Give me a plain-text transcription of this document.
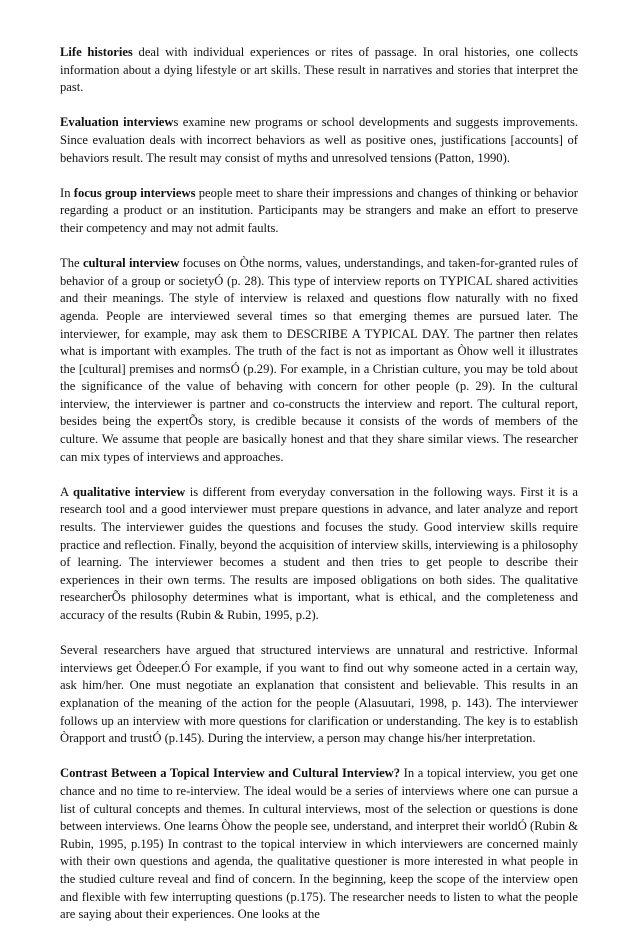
Life histories deal with individual experiences or rites of passage. In oral histories, one collects information about a dying lifestyle or art skills. These result in narratives and stories that interpret the past.

Evaluation interviews examine new programs or school developments and suggests improvements. Since evaluation deals with incorrect behaviors as well as positive ones, justifications [accounts] of behaviors result. The result may consist of myths and unresolved tensions (Patton, 1990).

In focus group interviews people meet to share their impressions and changes of thinking or behavior regarding a product or an institution. Participants may be strangers and make an effort to preserve their competency and may not admit faults.

The cultural interview focuses on Òthe norms, values, understandings, and taken-for-granted rules of behavior of a group or societyÓ (p. 28). This type of interview reports on TYPICAL shared activities and their meanings. The style of interview is relaxed and questions flow naturally with no fixed agenda. People are interviewed several times so that emerging themes are pursued later. The interviewer, for example, may ask them to DESCRIBE A TYPICAL DAY. The partner then relates what is important with examples. The truth of the fact is not as important as Òhow well it illustrates the [cultural] premises and normsÓ (p.29). For example, in a Christian culture, you may be told about the significance of the value of behaving with concern for other people (p. 29). In the cultural interview, the interviewer is partner and co-constructs the interview and report. The cultural report, besides being the expertÕs story, is credible because it consists of the words of members of the culture. We assume that people are basically honest and that they share similar views. The researcher can mix types of interviews and approaches.

A qualitative interview is different from everyday conversation in the following ways. First it is a research tool and a good interviewer must prepare questions in advance, and later analyze and report results. The interviewer guides the questions and focuses the study. Good interview skills require practice and reflection. Finally, beyond the acquisition of interview skills, interviewing is a philosophy of learning. The interviewer becomes a student and then tries to get people to describe their experiences in their own terms. The results are imposed obligations on both sides. The qualitative researcherÕs philosophy determines what is important, what is ethical, and the completeness and accuracy of the results (Rubin & Rubin, 1995, p.2).

Several researchers have argued that structured interviews are unnatural and restrictive. Informal interviews get Òdeeper.Ó For example, if you want to find out why someone acted in a certain way, ask him/her. One must negotiate an explanation that consistent and believable. This results in an explanation of the meaning of the action for the people (Alasuutari, 1998, p. 143). The interviewer follows up an interview with more questions for clarification or understanding. The key is to establish Òrapport and trustÓ (p.145). During the interview, a person may change his/her interpretation.

Contrast Between a Topical Interview and Cultural Interview? In a topical interview, you get one chance and no time to re-interview. The ideal would be a series of interviews where one can pursue a list of cultural concepts and themes. In cultural interviews, most of the selection or questions is done between interviews. One learns Òhow the people see, understand, and interpret their worldÓ (Rubin & Rubin, 1995, p.195) In contrast to the topical interview in which interviewers are concerned mainly with their own questions and agenda, the qualitative questioner is more interested in what people in the studied culture reveal and find of concern. In the beginning, keep the scope of the interview open and flexible with few interrupting questions (p.175). The researcher needs to listen to what the people are saying about their experiences. One looks at the
